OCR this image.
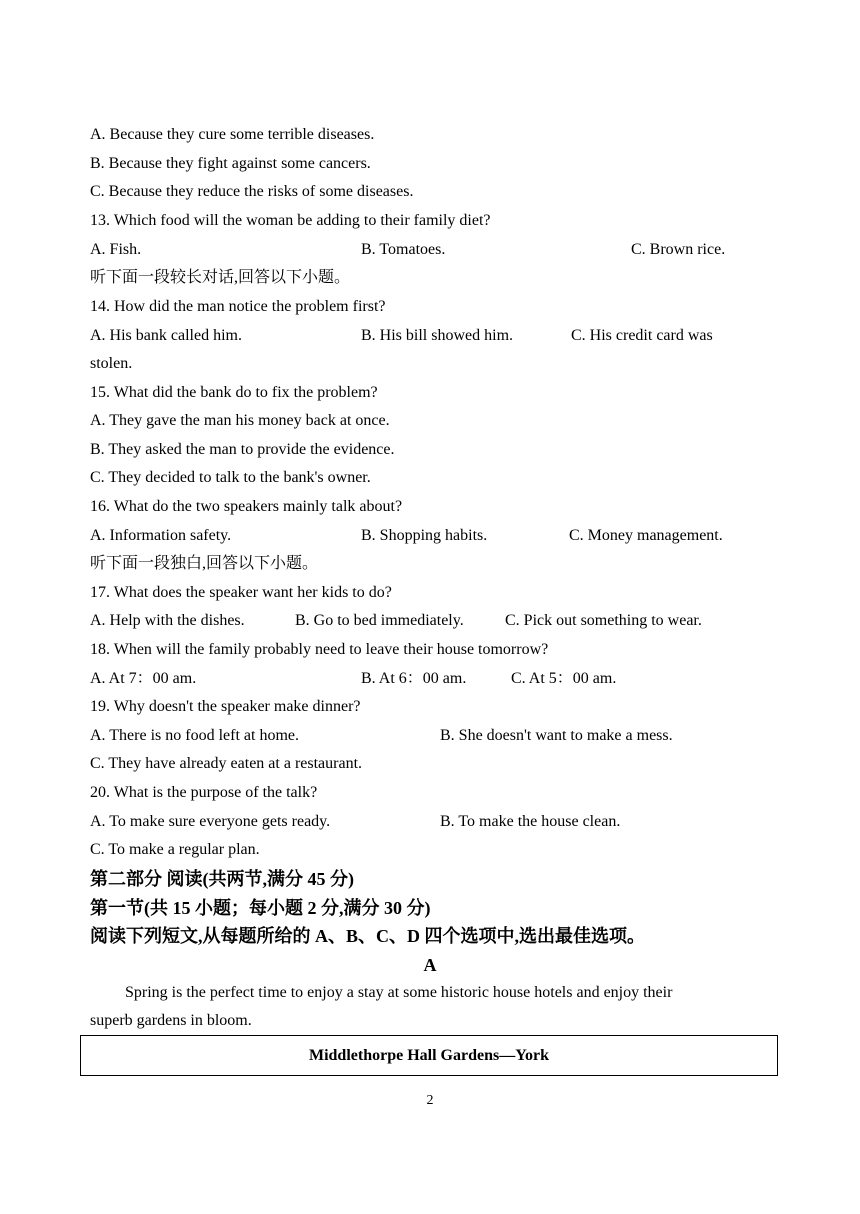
A. Because they cure some terrible diseases.
B. Because they fight against some cancers.
C. Because they reduce the risks of some diseases.
13. Which food will the woman be adding to their family diet?
A. Fish.	B. Tomatoes.	C. Brown rice.
听下面一段较长对话,回答以下小题。
14. How did the man notice the problem first?
A. His bank called him.	B. His bill showed him.	C. His credit card was
stolen.
15. What did the bank do to fix the problem?
A. They gave the man his money back at once.
B. They asked the man to provide the evidence.
C. They decided to talk to the bank's owner.
16. What do the two speakers mainly talk about?
A. Information safety.	B. Shopping habits.	C. Money management.
听下面一段独白,回答以下小题。
17. What does the speaker want her kids to do?
A. Help with the dishes.	B. Go to bed immediately.	C. Pick out something to wear.
18. When will the family probably need to leave their house tomorrow?
A. At 7：00 am.	B. At 6：00 am.	C. At 5：00 am.
19. Why doesn't the speaker make dinner?
A. There is no food left at home.	B. She doesn't want to make a mess.
C. They have already eaten at a restaurant.
20. What is the purpose of the talk?
A. To make sure everyone gets ready.	B. To make the house clean.
C. To make a regular plan.
第二部分 阅读(共两节,满分 45 分)
第一节(共 15 小题；每小题 2 分,满分 30 分)
阅读下列短文,从每题所给的 A、B、C、D 四个选项中,选出最佳选项。
A
Spring is the perfect time to enjoy a stay at some historic house hotels and enjoy their
superb gardens in bloom.
Middlethorpe Hall Gardens—York
2
